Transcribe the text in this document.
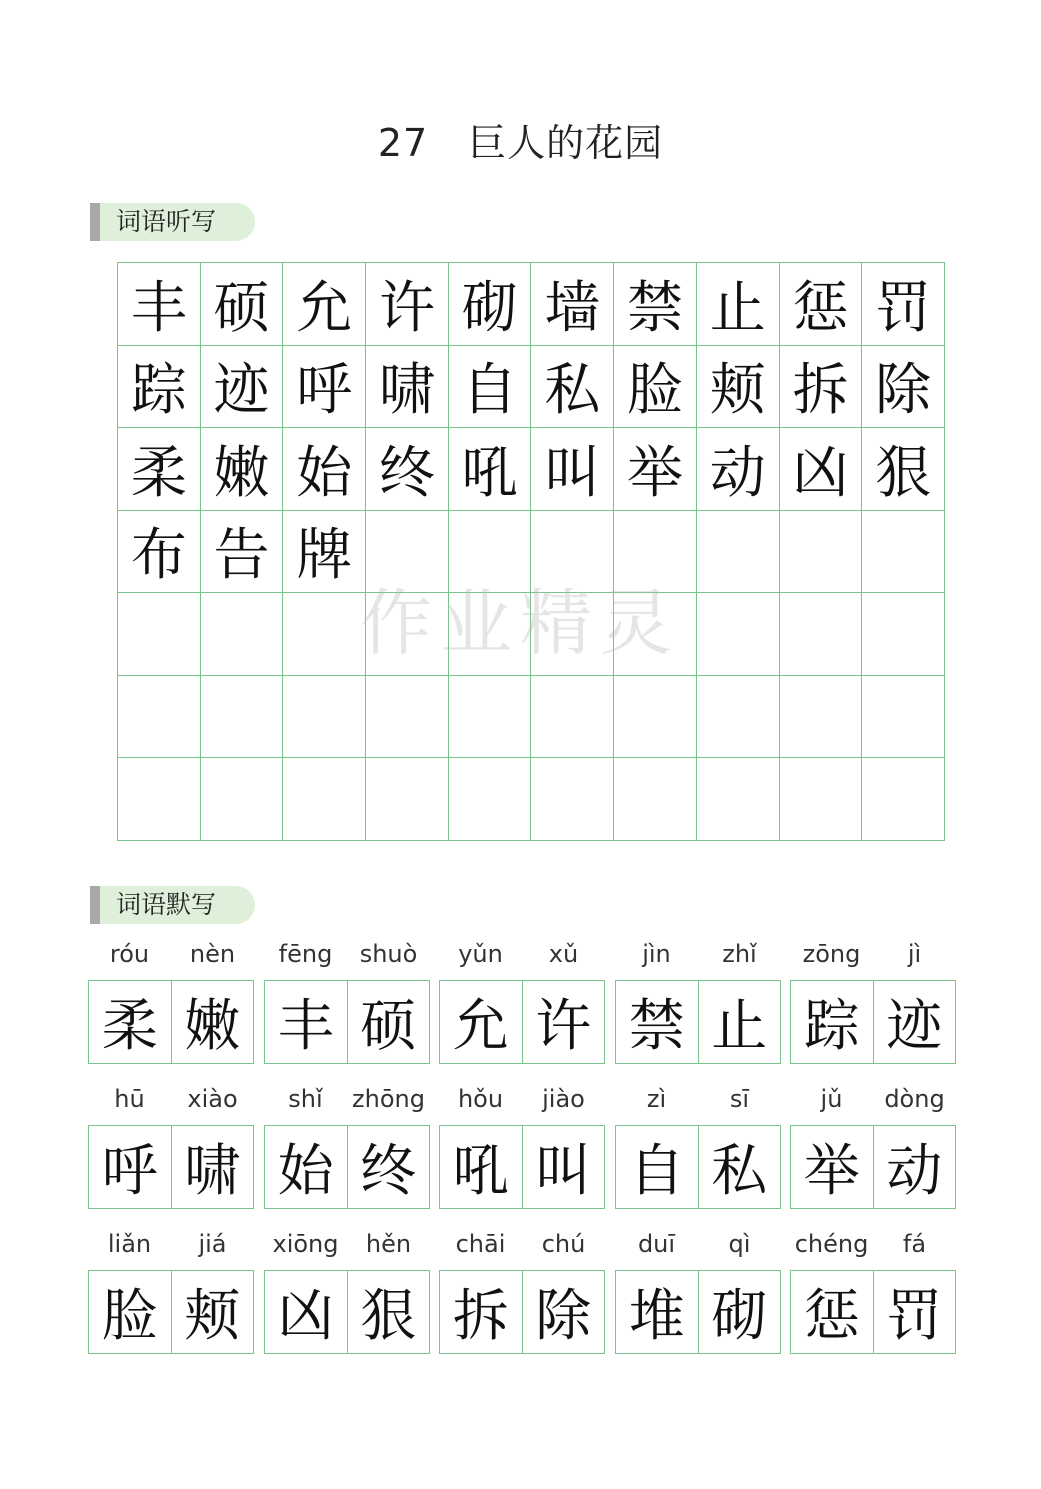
27 巨人的花园
词语听写
丰 硕 允 许 砌 墙 禁 止 惩 罚
踪 迹 呼 啸 自 私 脸 颊 拆 除
柔 嫩 始 终 吼 叫 举 动 凶 狠
布 告 牌
作业精灵
词语默写
róu	nèn
柔 嫩
fēng	shuò
丰 硕
yǔn	xǔ
允 许
jìn	zhǐ
禁 止
zōng	jì
踪 迹
hū	xiào
呼 啸
shǐ	zhōng
始 终
hǒu	jiào
吼 叫
zì	sī
自 私
jǔ	dòng
举 动
liǎn	jiá
脸 颊
xiōng	hěn
凶 狠
chāi	chú
拆 除
duī	qì
堆 砌
chéng	fá
惩 罚
